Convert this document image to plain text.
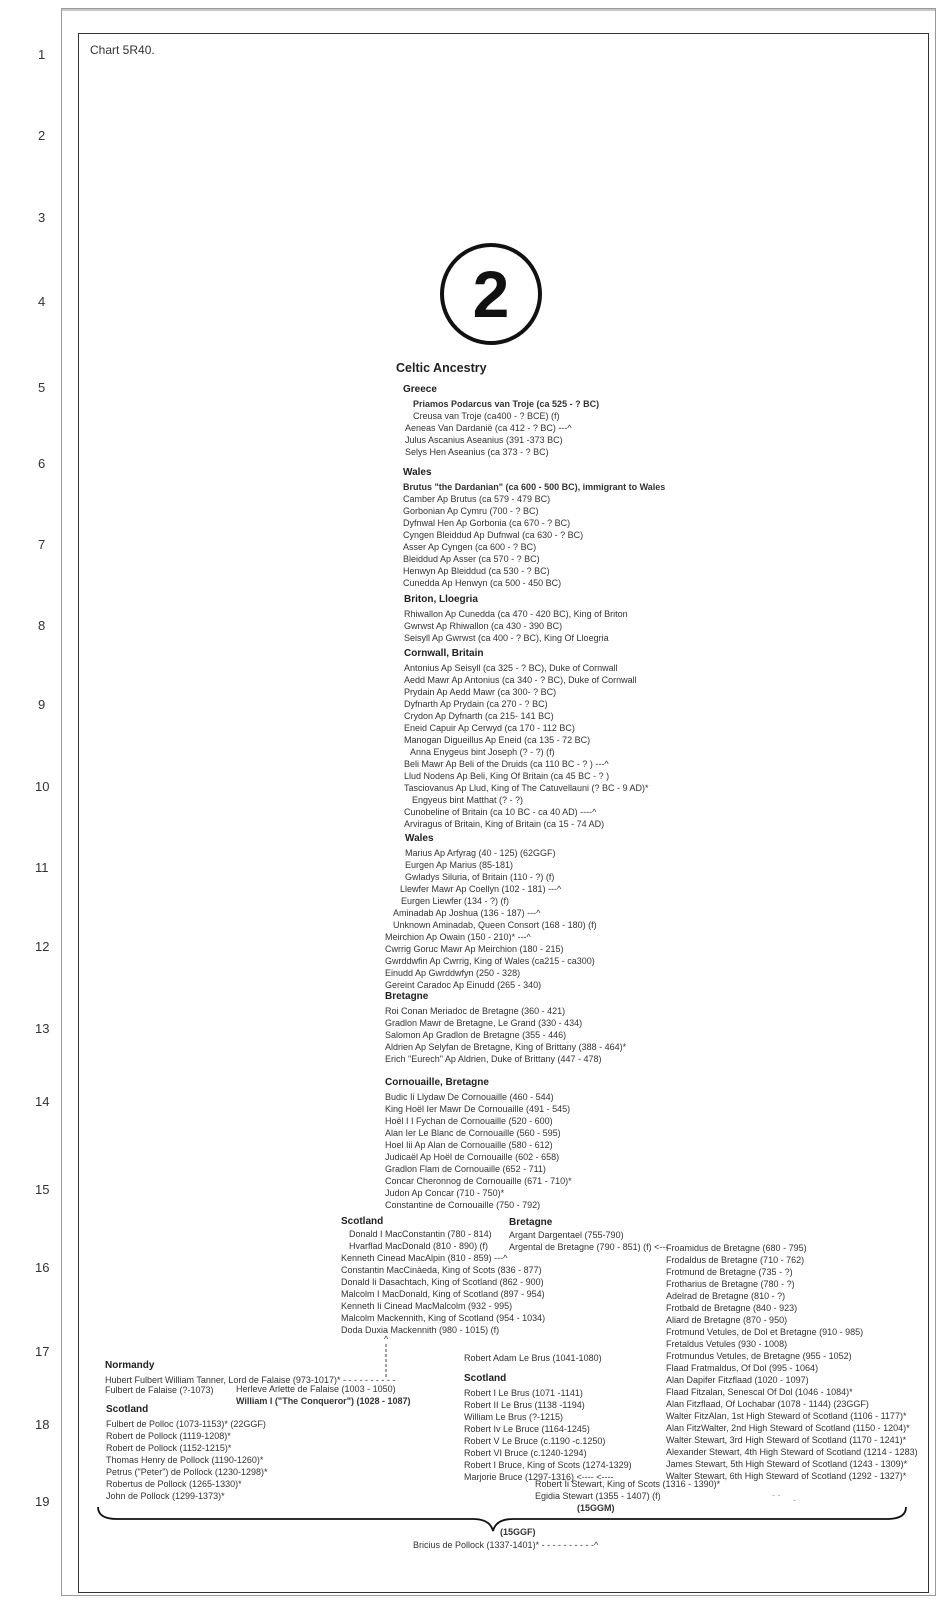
1
2
3
4
5
6
7
8
9
10
11
12
13
14
15
16
17
18
19
Chart 5R40.
2
Celtic Ancestry
Greece
Priamos Podarcus van Troje (ca 525 - ? BC)
Creusa van Troje (ca400 - ? BCE) (f)
Aeneas Van Dardanië (ca 412 - ? BC) ---^
Julus Ascanius Aseanius (391 -373 BC)
Selys Hen Aseanius (ca 373 - ? BC)
Wales
Brutus "the Dardanian" (ca 600 - 500 BC), immigrant to Wales
Camber Ap Brutus (ca 579 - 479 BC)
Gorbonian Ap Cymru (700 - ? BC)
Dyfnwal Hen Ap Gorbonia (ca 670 - ? BC)
Cyngen Bleiddud Ap Dufnwal (ca 630 - ? BC)
Asser Ap Cyngen (ca 600 - ? BC)
Bleiddud Ap Asser (ca 570 - ? BC)
Henwyn Ap Bleiddud (ca 530 - ? BC)
Cunedda Ap Henwyn (ca 500 - 450 BC)
Briton, Lloegria
Rhiwallon Ap Cunedda (ca 470 - 420 BC), King of Briton
Gwrwst Ap Rhiwallon (ca 430 - 390 BC)
Seisyll Ap Gwrwst (ca 400 - ? BC), King Of Lloegria
Cornwall, Britain
Antonius Ap Seisyll (ca 325 - ? BC), Duke of Cornwall
Aedd Mawr Ap Antonius (ca 340 - ? BC), Duke of Cornwall
Prydain Ap Aedd Mawr (ca 300- ? BC)
Dyfnarth Ap Prydain (ca 270 - ? BC)
Crydon Ap Dyfnarth (ca 215- 141 BC)
Eneid Capuir Ap Cerwyd (ca 170 - 112 BC)
Manogan Digueillus Ap Eneid (ca 135 - 72 BC)
Anna Enygeus bint Joseph (? - ?) (f)
Beli Mawr Ap Beli of the Druids (ca 110 BC - ? ) ---^
Llud Nodens Ap Beli, King Of Britain (ca 45 BC - ? )
Tasciovanus Ap Llud, King of The Catuvellauni (? BC - 9 AD)*
Engyeus bint Matthat (? - ?)
Cunobeline of Britain (ca 10 BC - ca 40 AD) ----^
Arviragus of Britain, King of Britain (ca 15 - 74 AD)
Wales
Marius Ap Arfyrag (40 - 125) (62GGF)
Eurgen Ap Marius (85-181)
Gwladys Siluria, of Britain (110 - ?) (f)
Llewfer Mawr Ap Coellyn (102 - 181) ---^
Eurgen Liewfer (134 - ?) (f)
Aminadab Ap Joshua (136 - 187) ---^
Unknown Aminadab, Queen Consort (168 - 180) (f)
Meirchion Ap Owain (150 - 210)* ---^
Cwrrig Goruc Mawr Ap Meirchion (180 - 215)
Gwrddwfin Ap Cwrrig, King of Wales (ca215 - ca300)
Einudd Ap Gwrddwfyn (250 - 328)
Gereint Caradoc Ap Einudd (265 - 340)
Bretagne
Roi Conan Meriadoc de Bretagne (360 - 421)
Gradlon Mawr de Bretagne, Le Grand (330 - 434)
Salomon Ap Gradlon de Bretagne (355 - 446)
Aldrien Ap Selyfan de Bretagne, King of Brittany (388 - 464)*
Erich "Eurech" Ap Aldrien, Duke of Brittany (447 - 478)
Cornouaille, Bretagne
Budic Ii Llydaw De Cornouaille (460 - 544)
King Hoël Ier Mawr De Cornouaille (491 - 545)
Hoël I I Fychan de Cornouaille (520 - 600)
Alan Ier Le Blanc de Cornouaille (560 - 595)
Hoel Iii Ap Alan de Cornouaille (580 - 612)
Judicaël Ap Hoël de Cornouaille (602 - 658)
Gradlon Flam de Cornouaille (652 - 711)
Concar Cheronnog de Cornouaille (671 - 710)*
Judon Ap Concar (710 - 750)*
Constantine de Cornouaille (750 - 792)
Scotland
Donald I MacConstantin (780 - 814)
Hvarflad MacDonald (810 - 890) (f)
Kenneth Cinead MacAlpin (810 - 859) ---^
Constantin MacCinàeda, King of Scots (836 - 877)
Donald Ii Dasachtach, King of Scotland (862 - 900)
Malcolm I MacDonald, King of Scotland (897 - 954)
Kenneth Ii Cinead MacMalcolm (932 - 995)
Malcolm Mackennith, King of Scotland (954 - 1034)
Doda Duxia Mackennith (980 - 1015) (f)
Bretagne
Argant Dargentael (755-790)
Argental de Bretagne (790 - 851) (f) <---
Froamidus de Bretagne (680 - 795)
Frodaldus de Bretagne (710 - 762)
Frotmund de Bretagne (735 - ?)
Frotharius de Bretagne (780 - ?)
Adelrad de Bretagne (810 - ?)
Frotbald de Bretagne (840 - 923)
Aliard de Bretagne (870 - 950)
Frotmund Vetules, de Dol et Bretagne (910 - 985)
Fretaldus Vetules (930 - 1008)
Frotmundus Vetules, de Bretagne (955 - 1052)
Flaad Fratmaldus, Of Dol (995 - 1064)
Alan Dapifer Fitzflaad (1020 - 1097)
Flaad Fitzalan, Senescal Of Dol (1046 - 1084)*
Alan Fitzflaad, Of Lochabar (1078 - 1144) (23GGF)
Walter FitzAlan, 1st High Steward of Scotland (1106 - 1177)*
Alan FitzWalter, 2nd High Steward of Scotland (1150 - 1204)*
Walter Stewart, 3rd High Steward of Scotland (1170 - 1241)*
Alexander Stewart, 4th High Steward of Scotland (1214 - 1283)
James Stewart, 5th High Steward of Scotland (1243 - 1309)*
Walter Stewart, 6th High Steward of Scotland (1292 - 1327)*
Scotland
Fulbert de Polloc (1073-1153)* (22GGF)
Robert de Pollock (1119-1208)*
Robert de Pollock (1152-1215)*
Thomas Henry de Pollock (1190-1260)*
Petrus ("Peter") de Pollock (1230-1298)*
Robertus de Pollock (1265-1330)*
John de Pollock (1299-1373)*
Robert Adam Le Brus (1041-1080)
Scotland
Robert I Le Brus (1071 -1141)
Robert II Le Brus (1138 -1194)
William Le Brus (?-1215)
Robert Iv Le Bruce (1164-1245)
Robert V Le Bruce (c.1190 -c.1250)
Robert VI Bruce (c.1240-1294)
Robert I Bruce, King of Scots (1274-1329)
Marjorie Bruce (1297-1316) <---- <----
^
Normandy
Hubert Fulbert William Tanner, Lord de Falaise (973-1017)* - - - - - - - - - -
Fulbert de Falaise (?-1073) Herleve Arlette de Falaise (1003 - 1050)
William I ("The Conqueror") (1028 - 1087)
Robert Ii Stewart, King of Scots (1316 - 1390)*
Egidia Stewart (1355 - 1407) (f)
(15GGM)
- - -
(15GGF)
Bricius de Pollock (1337-1401)* - - - - - - - - - -^
